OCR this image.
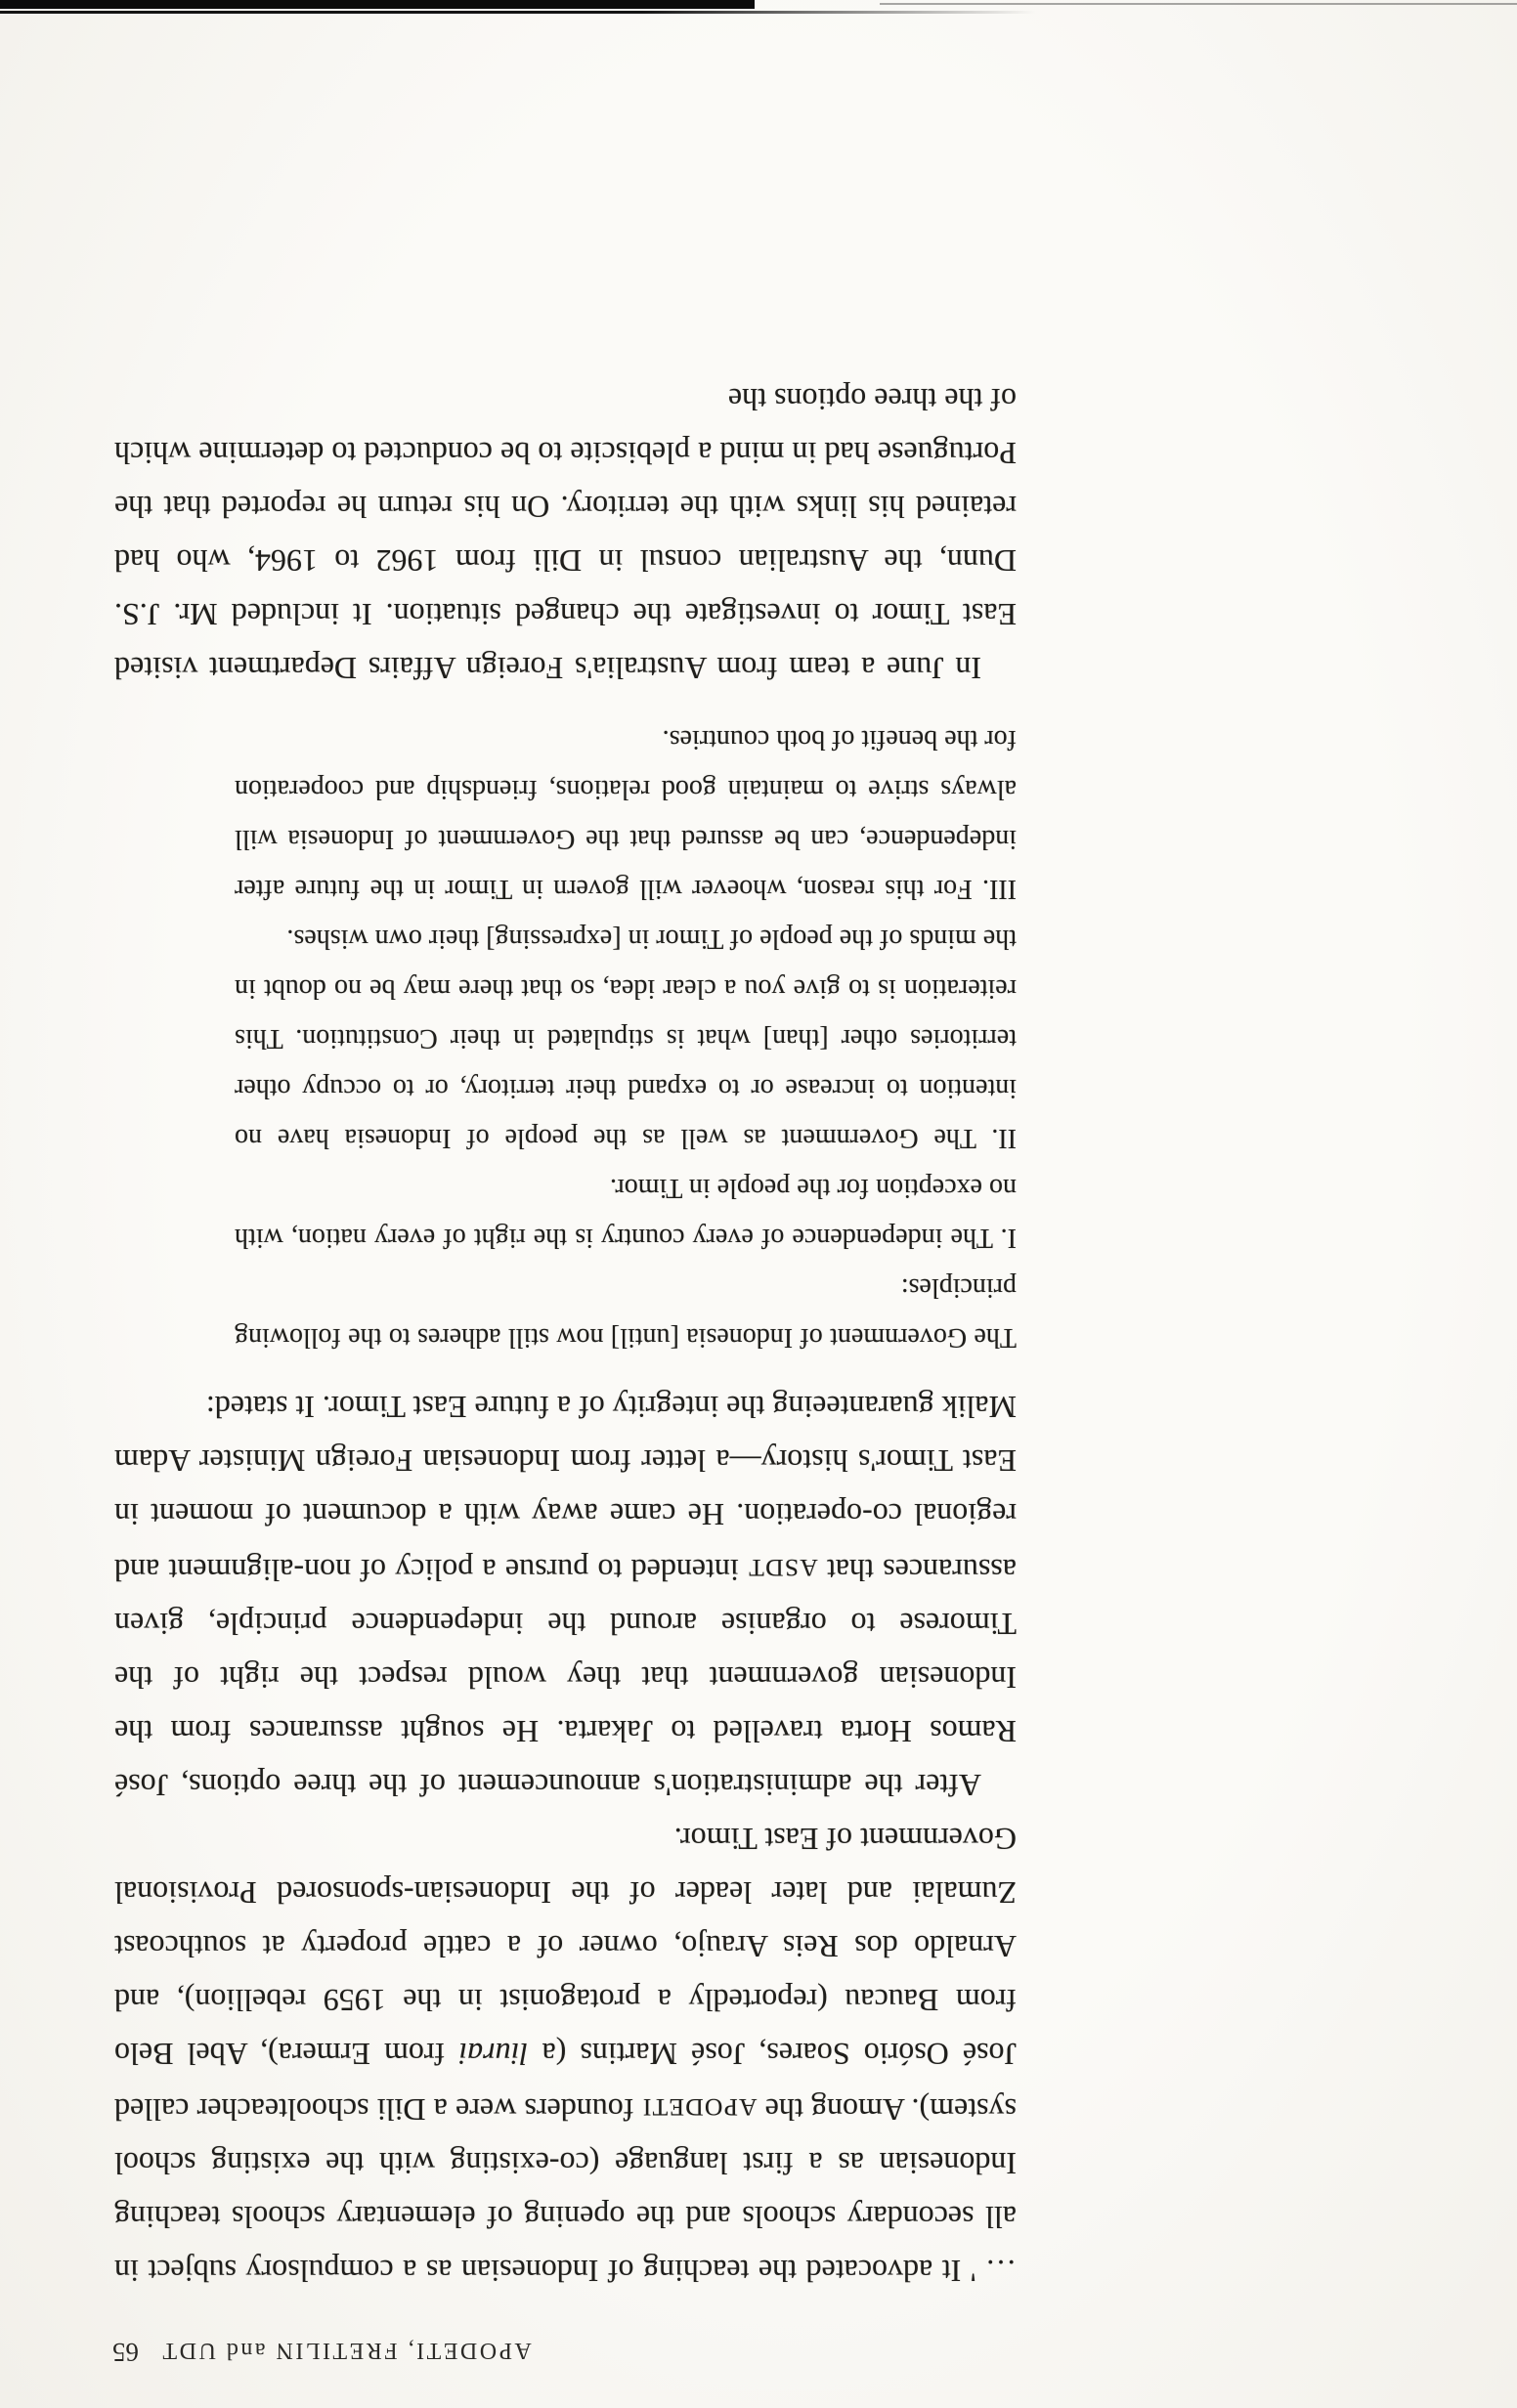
APODETI, FRETILIN and UDT
65

… ' It advocated the teaching of Indonesian as a compulsory subject in all secondary schools and the opening of elementary schools teaching Indonesian as a first language (co-existing with the existing school system). Among the APODETI founders were a Dili schoolteacher called José Osório Soares, José Martins (a liurai from Ermera), Abel Belo from Baucau (reportedly a protagonist in the 1959 rebellion), and Arnaldo dos Reis Araujo, owner of a cattle property at southcoast Zumalai and later leader of the Indonesian-sponsored Provisional Government of East Timor.

After the administration's announcement of the three options, José Ramos Horta travelled to Jakarta. He sought assurances from the Indonesian government that they would respect the right of the Timorese to organise around the independence principle, given assurances that ASDT intended to pursue a policy of non-alignment and regional co-operation. He came away with a document of moment in East Timor's history—a letter from Indonesian Foreign Minister Adam Malik guaranteeing the integrity of a future East Timor. It stated:

The Government of Indonesia [until] now still adheres to the following principles:

I. The independence of every country is the right of every nation, with no exception for the people in Timor.

II. The Government as well as the people of Indonesia have no intention to increase or to expand their territory, or to occupy other territories other [than] what is stipulated in their Constitution. This reiteration is to give you a clear idea, so that there may be no doubt in the minds of the people of Timor in [expressing] their own wishes.

III. For this reason, whoever will govern in Timor in the future after independence, can be assured that the Government of Indonesia will always strive to maintain good relations, friendship and cooperation for the benefit of both countries.

In June a team from Australia's Foreign Affairs Department visited East Timor to investigate the changed situation. It included Mr. J.S. Dunn, the Australian consul in Dili from 1962 to 1964, who had retained his links with the territory. On his return he reported that the Portuguese had in mind a plebiscite to be conducted to determine which of the three options the
